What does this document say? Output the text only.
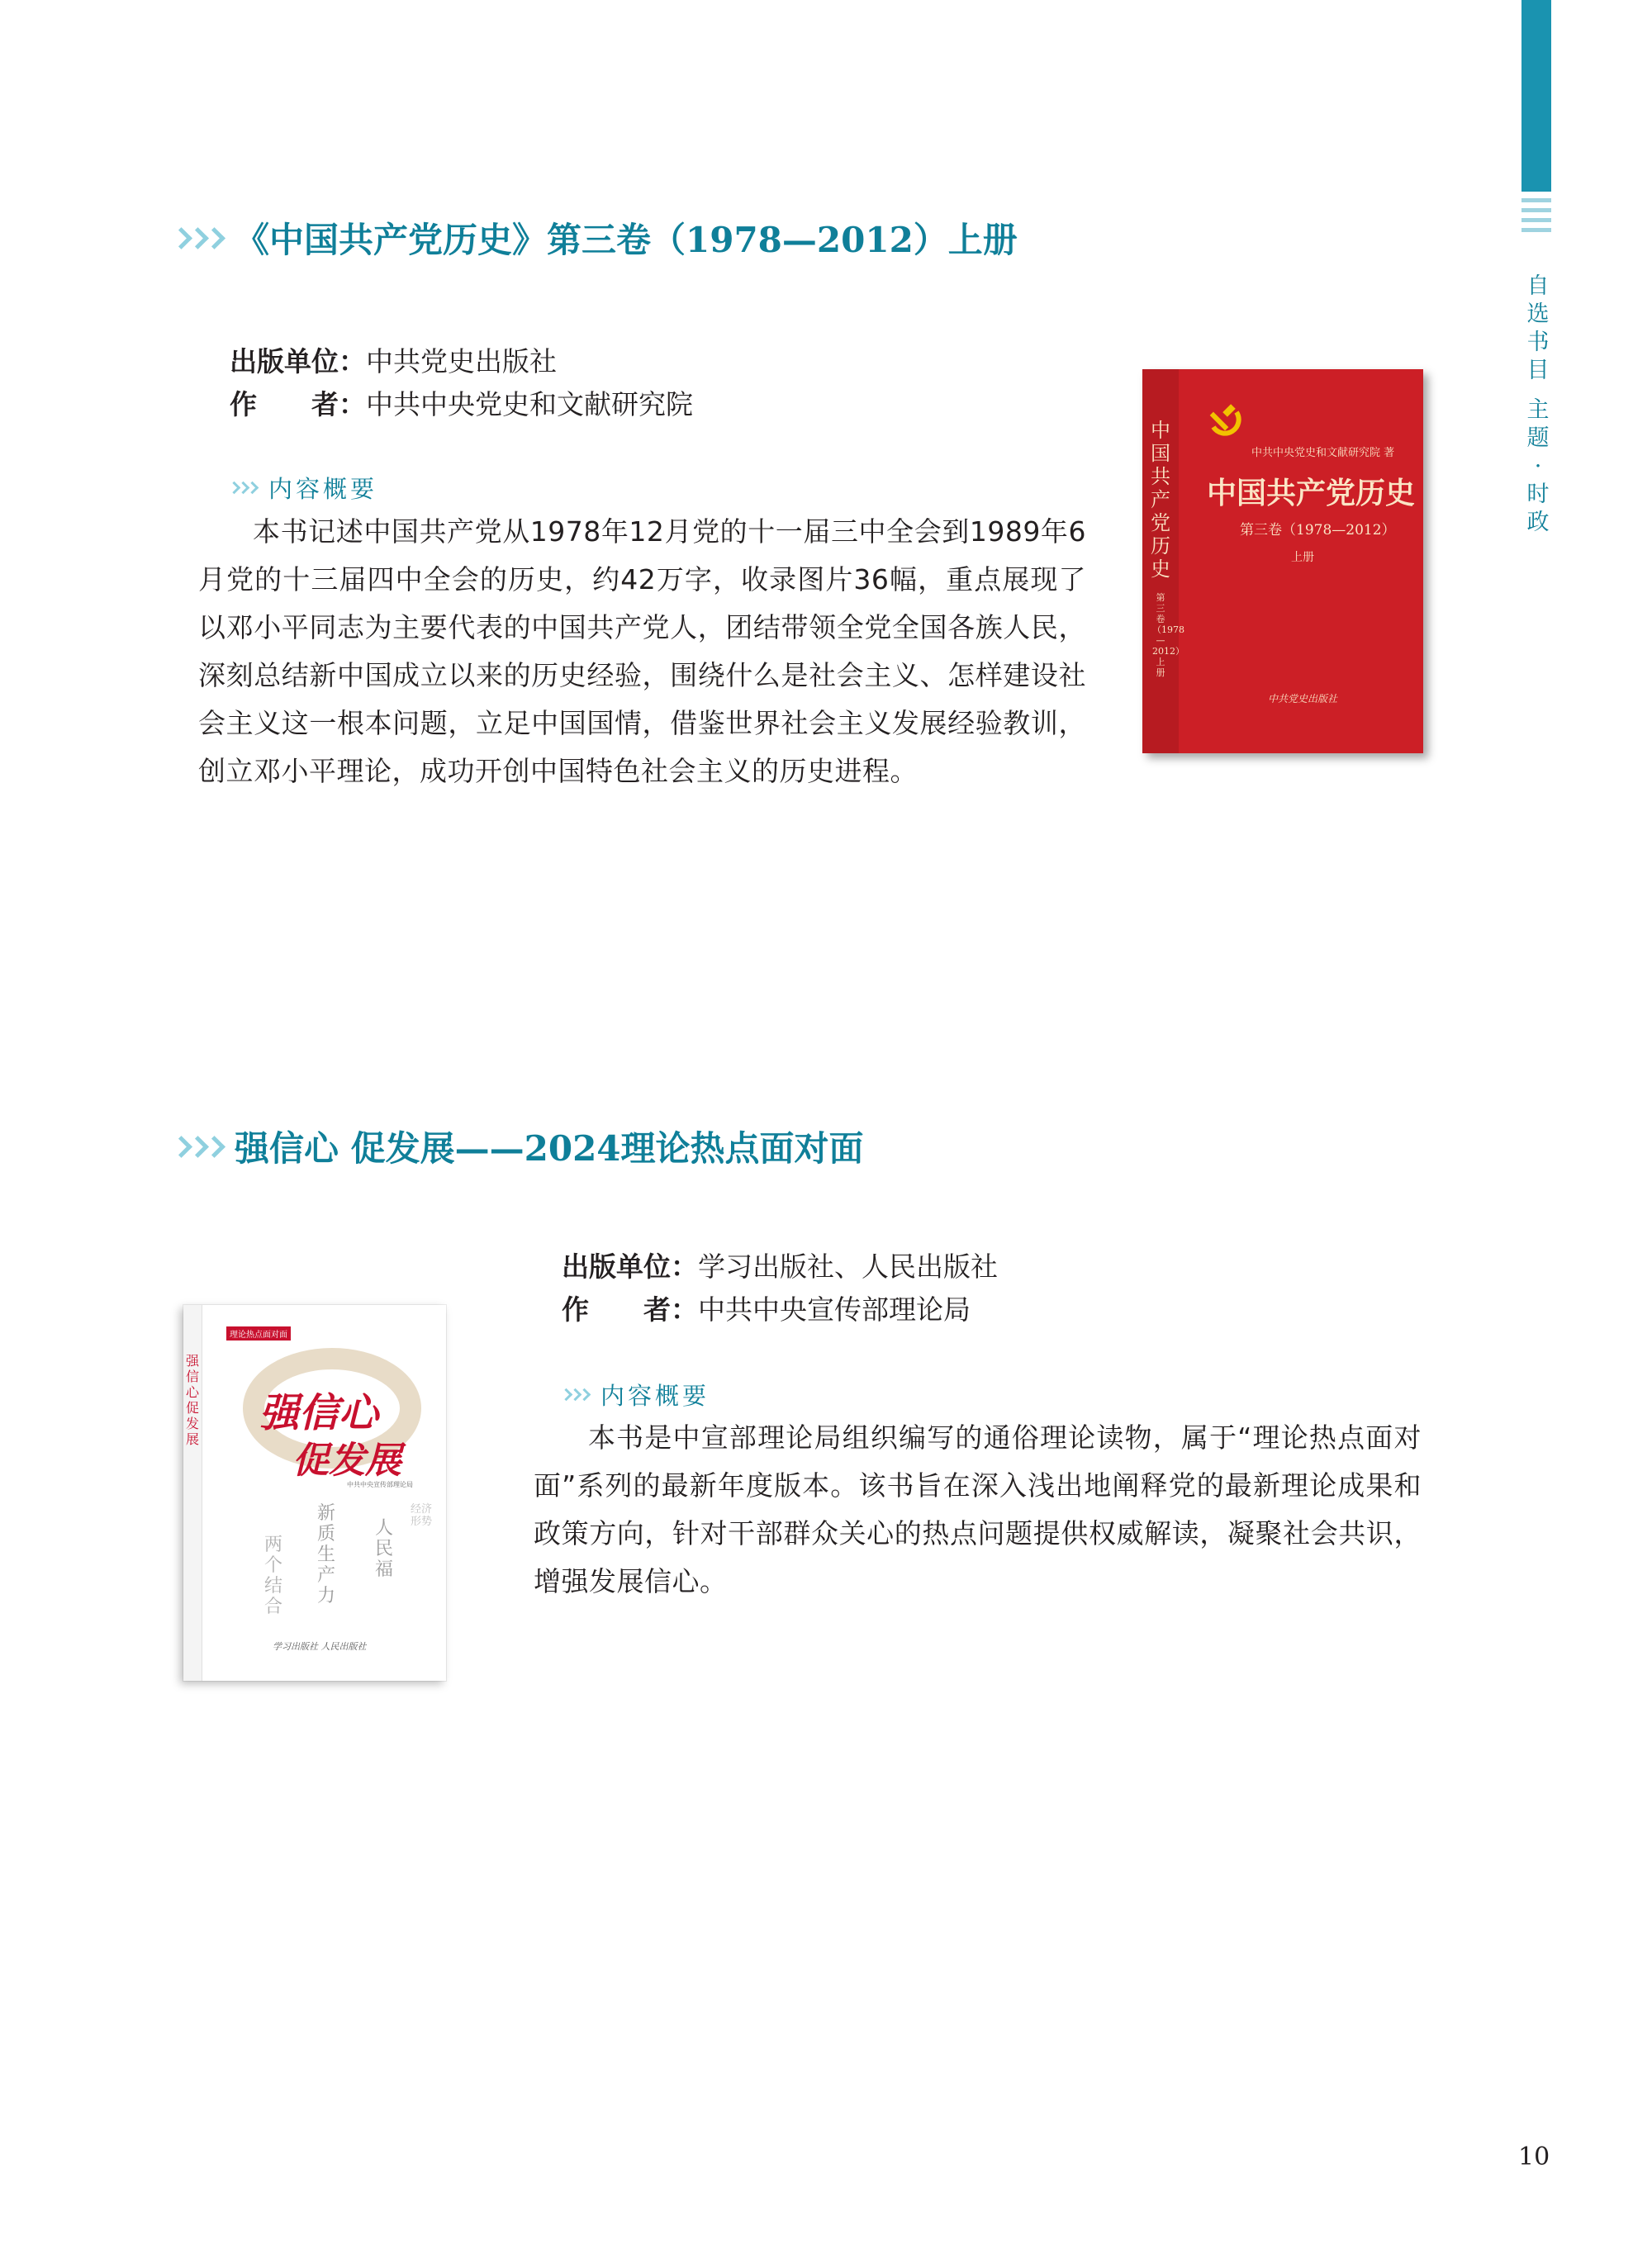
自
选
书
目
主
题
·
时
政
《中国共产党历史》第三卷（1978—2012）上册
出版单位：中共党史出版社
作　　者：中共中央党史和文献研究院
内容概要
本书记述中国共产党从1978年12月党的十一届三中全会到1989年6月党的十三届四中全会的历史，约42万字，收录图片36幅，重点展现了以邓小平同志为主要代表的中国共产党人，团结带领全党全国各族人民，深刻总结新中国成立以来的历史经验，围绕什么是社会主义、怎样建设社会主义这一根本问题，立足中国国情，借鉴世界社会主义发展经验教训，创立邓小平理论，成功开创中国特色社会主义的历史进程。
中国共产党历史
第三卷（1978—2012）上册
中共中央党史和文献研究院 著
中国共产党历史
第三卷（1978—2012）
上册
中共党史出版社
强信心 促发展——2024理论热点面对面
强信心 促发展
理论热点面对面
强信心
促发展
中共中央宣传部理论局
新质生产力
人民福
两个结合
经济形势
学习出版社 人民出版社
出版单位：学习出版社、人民出版社
作　　者：中共中央宣传部理论局
内容概要
本书是中宣部理论局组织编写的通俗理论读物，属于“理论热点面对面”系列的最新年度版本。该书旨在深入浅出地阐释党的最新理论成果和政策方向，针对干部群众关心的热点问题提供权威解读，凝聚社会共识，增强发展信心。
10
